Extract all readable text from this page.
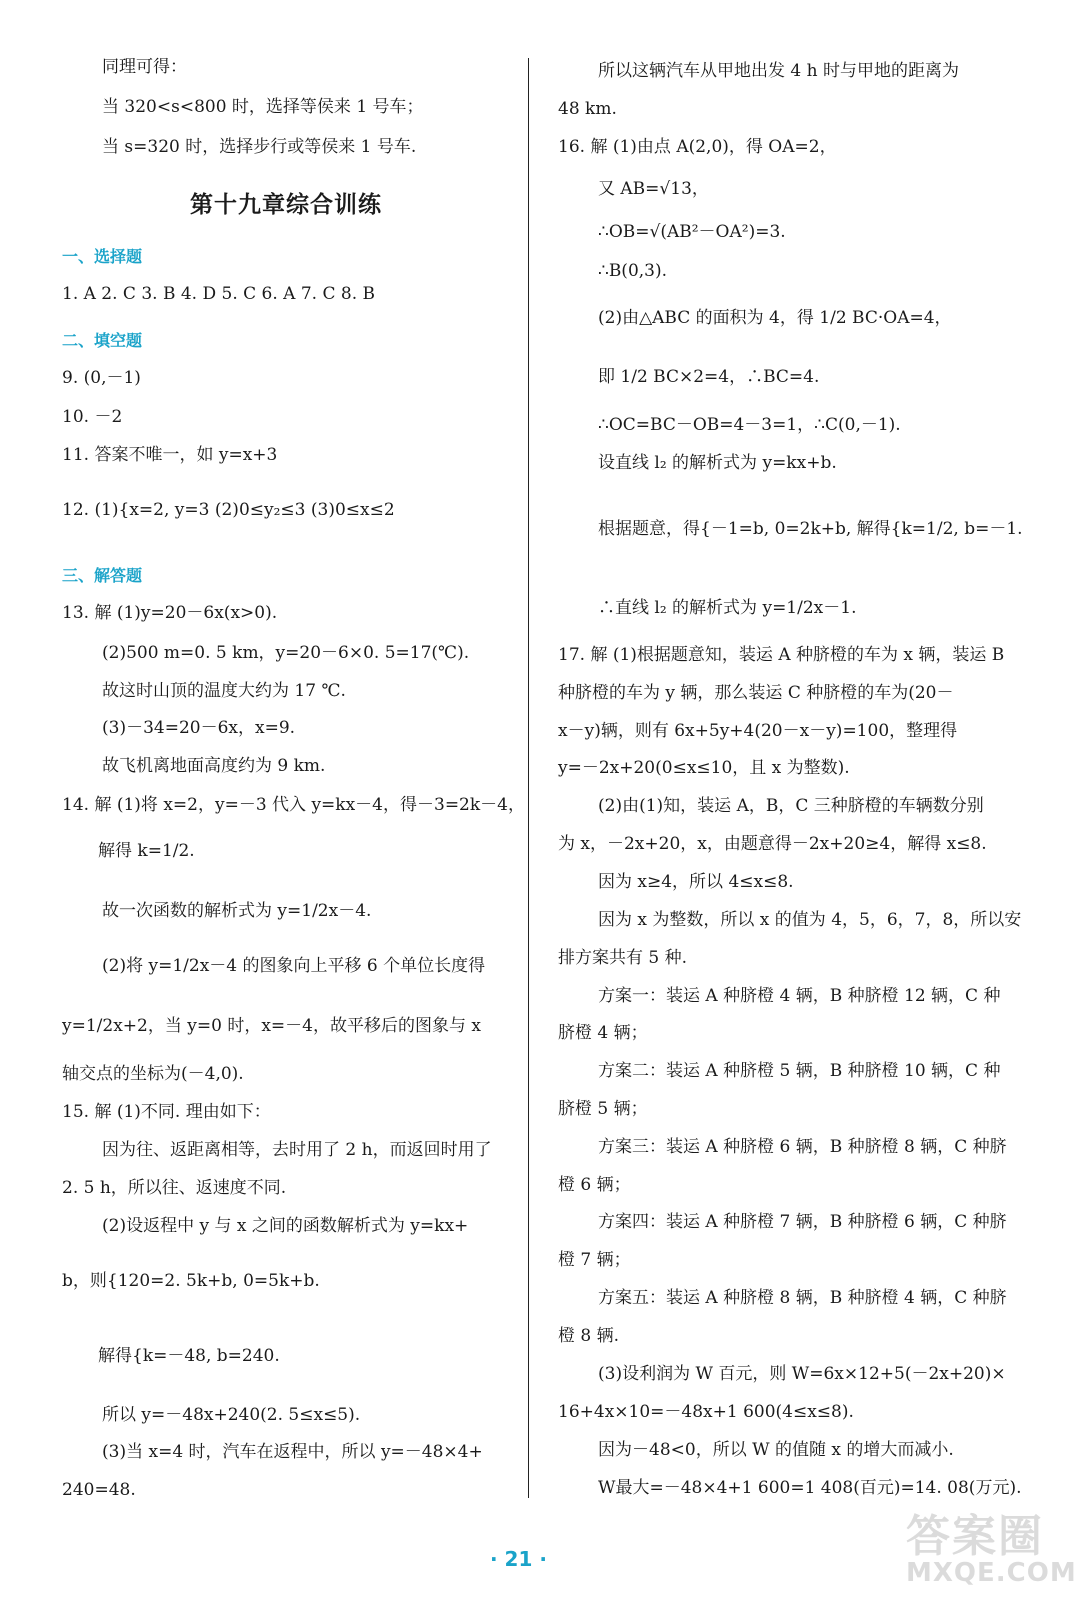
同理可得：
当 320<s<800 时，选择等侯来 1 号车；
当 s=320 时，选择步行或等侯来 1 号车.
第十九章综合训练
一、选择题
1. A 2. C 3. B 4. D 5. C 6. A 7. C 8. B
二、填空题
9. (0,－1)
10. －2
11. 答案不唯一，如 y=x+3
12. (1){x=2, y=3 (2)0≤y₂≤3 (3)0≤x≤2
三、解答题
13. 解 (1)y=20－6x(x>0).
(2)500 m=0. 5 km，y=20－6×0. 5=17(℃).
故这时山顶的温度大约为 17 ℃.
(3)－34=20－6x，x=9.
故飞机离地面高度约为 9 km.
14. 解 (1)将 x=2，y=－3 代入 y=kx－4，得－3=2k－4，
解得 k=1/2.
故一次函数的解析式为 y=1/2x－4.
(2)将 y=1/2x－4 的图象向上平移 6 个单位长度得
y=1/2x+2，当 y=0 时，x=－4，故平移后的图象与 x
轴交点的坐标为(－4,0).
15. 解 (1)不同. 理由如下：
因为往、返距离相等，去时用了 2 h，而返回时用了
2. 5 h，所以往、返速度不同.
(2)设返程中 y 与 x 之间的函数解析式为 y=kx+
b，则{120=2. 5k+b, 0=5k+b.
解得{k=－48, b=240.
所以 y=－48x+240(2. 5≤x≤5).
(3)当 x=4 时，汽车在返程中，所以 y=－48×4+
240=48.
所以这辆汽车从甲地出发 4 h 时与甲地的距离为
48 km.
16. 解 (1)由点 A(2,0)，得 OA=2，
又 AB=√13，
∴OB=√(AB²－OA²)=3.
∴B(0,3).
(2)由△ABC 的面积为 4，得 1/2 BC·OA=4，
即 1/2 BC×2=4，∴BC=4.
∴OC=BC－OB=4－3=1，∴C(0,－1).
设直线 l₂ 的解析式为 y=kx+b.
根据题意，得{－1=b, 0=2k+b, 解得{k=1/2, b=－1.
∴直线 l₂ 的解析式为 y=1/2x－1.
17. 解 (1)根据题意知，装运 A 种脐橙的车为 x 辆，装运 B
种脐橙的车为 y 辆，那么装运 C 种脐橙的车为(20－
x－y)辆，则有 6x+5y+4(20－x－y)=100，整理得
y=－2x+20(0≤x≤10，且 x 为整数).
(2)由(1)知，装运 A，B，C 三种脐橙的车辆数分别
为 x，－2x+20，x，由题意得－2x+20≥4，解得 x≤8.
因为 x≥4，所以 4≤x≤8.
因为 x 为整数，所以 x 的值为 4，5，6，7，8，所以安
排方案共有 5 种.
方案一：装运 A 种脐橙 4 辆，B 种脐橙 12 辆，C 种
脐橙 4 辆；
方案二：装运 A 种脐橙 5 辆，B 种脐橙 10 辆，C 种
脐橙 5 辆；
方案三：装运 A 种脐橙 6 辆，B 种脐橙 8 辆，C 种脐
橙 6 辆；
方案四：装运 A 种脐橙 7 辆，B 种脐橙 6 辆，C 种脐
橙 7 辆；
方案五：装运 A 种脐橙 8 辆，B 种脐橙 4 辆，C 种脐
橙 8 辆.
(3)设利润为 W 百元，则 W=6x×12+5(－2x+20)×
16+4x×10=－48x+1 600(4≤x≤8).
因为－48<0，所以 W 的值随 x 的增大而减小.
W最大=－48×4+1 600=1 408(百元)=14. 08(万元).
· 21 ·	答案圈
MXQE.COM
